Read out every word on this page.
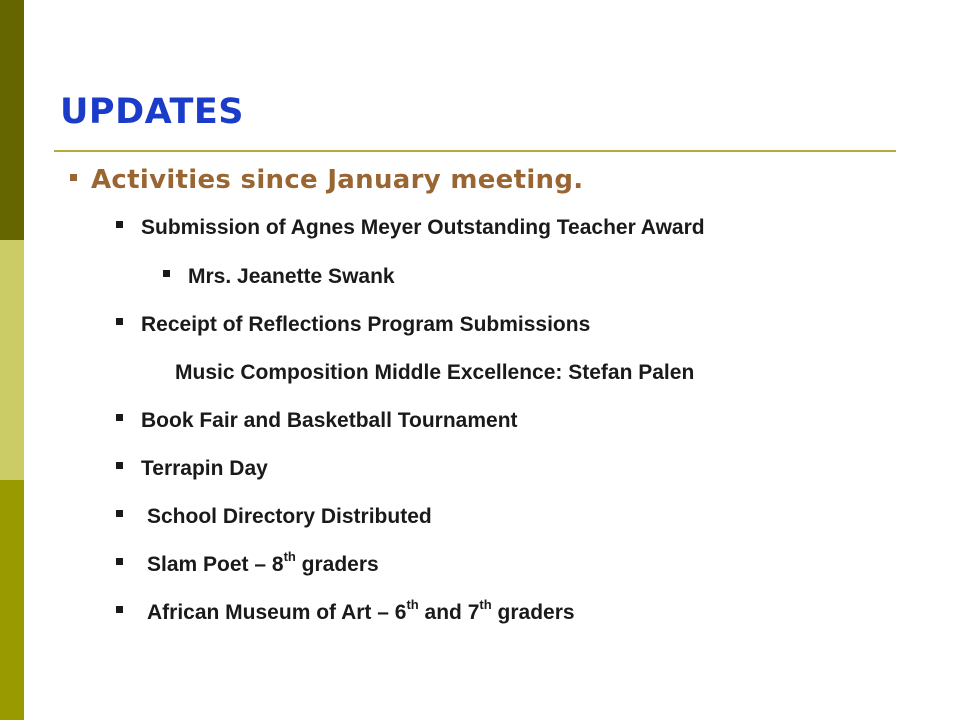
UPDATES
Activities since January meeting.
Submission of Agnes Meyer Outstanding Teacher Award
Mrs. Jeanette Swank
Receipt of Reflections Program Submissions
Music Composition Middle Excellence: Stefan Palen
Book Fair and Basketball Tournament
Terrapin Day
School Directory Distributed
Slam Poet – 8th graders
African Museum of Art – 6th and 7th graders
